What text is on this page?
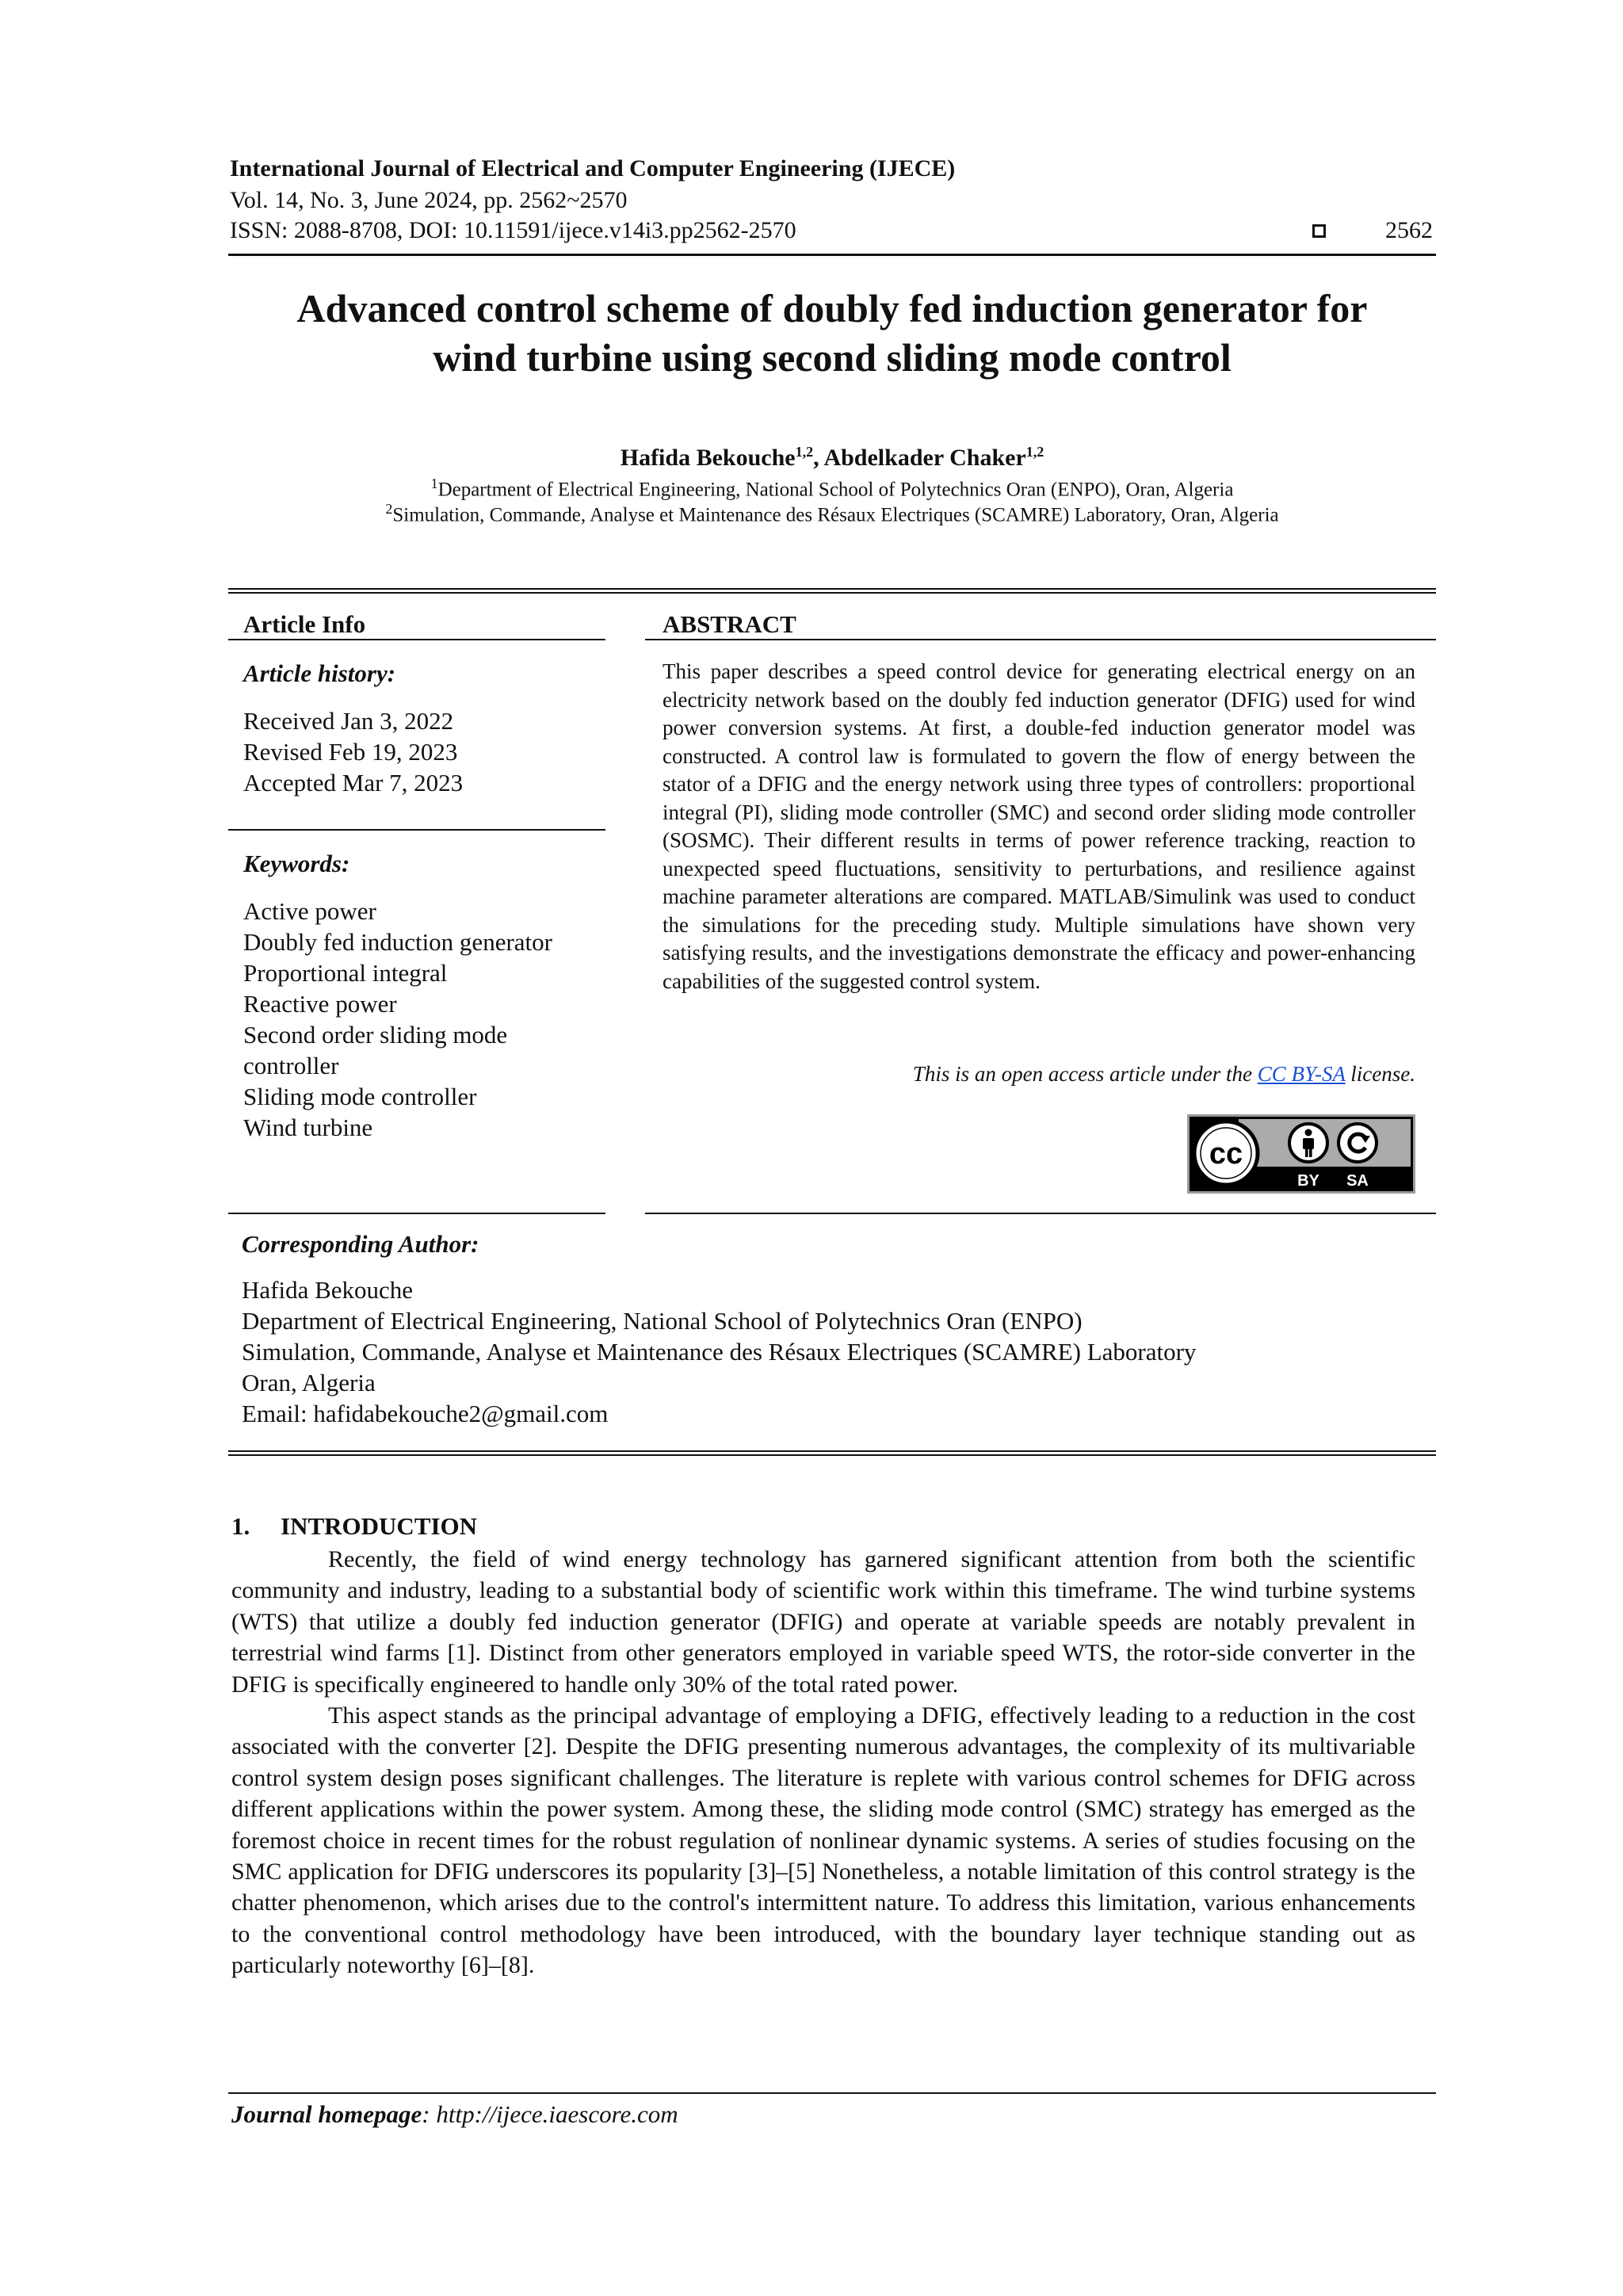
International Journal of Electrical and Computer Engineering (IJECE)
Vol. 14, No. 3, June 2024, pp. 2562~2570
ISSN: 2088-8708, DOI: 10.11591/ijece.v14i3.pp2562-2570	2562
Advanced control scheme of doubly fed induction generator for
wind turbine using second sliding mode control
Hafida Bekouche$^{1,2}$, Abdelkader Chaker$^{1,2}$
$^1$Department of Electrical Engineering, National School of Polytechnics Oran (ENPO), Oran, Algeria
$^2$Simulation, Commande, Analyse et Maintenance des Résaux Electriques (SCAMRE) Laboratory, Oran, Algeria
Article Info
Article history:
Received Jan 3, 2022
Revised Feb 19, 2023
Accepted Mar 7, 2023
Keywords:
Active power
Doubly fed induction generator
Proportional integral
Reactive power
Second order sliding mode
controller
Sliding mode controller
Wind turbine
ABSTRACT
This paper describes a speed control device for generating electrical energy on an electricity network based on the doubly fed induction generator (DFIG) used for wind power conversion systems. At first, a double-fed induction generator model was constructed. A control law is formulated to govern the flow of energy between the stator of a DFIG and the energy network using three types of controllers: proportional integral (PI), sliding mode controller (SMC) and second order sliding mode controller (SOSMC). Their different results in terms of power reference tracking, reaction to unexpected speed fluctuations, sensitivity to perturbations, and resilience against machine parameter alterations are compared. MATLAB/Simulink was used to conduct the simulations for the preceding study. Multiple simulations have shown very satisfying results, and the investigations demonstrate the efficacy and power-enhancing capabilities of the suggested control system.
This is an open access article under the CC BY-SA license.
cc
BY SA
Corresponding Author:
Hafida Bekouche
Department of Electrical Engineering, National School of Polytechnics Oran (ENPO)
Simulation, Commande, Analyse et Maintenance des Résaux Electriques (SCAMRE) Laboratory
Oran, Algeria
Email: hafidabekouche2@gmail.com
1.     INTRODUCTION

Recently, the field of wind energy technology has garnered significant attention from both the scientific community and industry, leading to a substantial body of scientific work within this timeframe. The wind turbine systems (WTS) that utilize a doubly fed induction generator (DFIG) and operate at variable speeds are notably prevalent in terrestrial wind farms [1]. Distinct from other generators employed in variable speed WTS, the rotor-side converter in the DFIG is specifically engineered to handle only 30% of the total rated power.

This aspect stands as the principal advantage of employing a DFIG, effectively leading to a reduction in the cost associated with the converter [2]. Despite the DFIG presenting numerous advantages, the complexity of its multivariable control system design poses significant challenges. The literature is replete with various control schemes for DFIG across different applications within the power system. Among these, the sliding mode control (SMC) strategy has emerged as the foremost choice in recent times for the robust regulation of nonlinear dynamic systems. A series of studies focusing on the SMC application for DFIG underscores its popularity [3]–[5] Nonetheless, a notable limitation of this control strategy is the chatter phenomenon, which arises due to the control's intermittent nature. To address this limitation, various enhancements to the conventional control methodology have been introduced, with the boundary layer technique standing out as particularly noteworthy [6]–[8].

Journal homepage: http://ijece.iaescore.com
